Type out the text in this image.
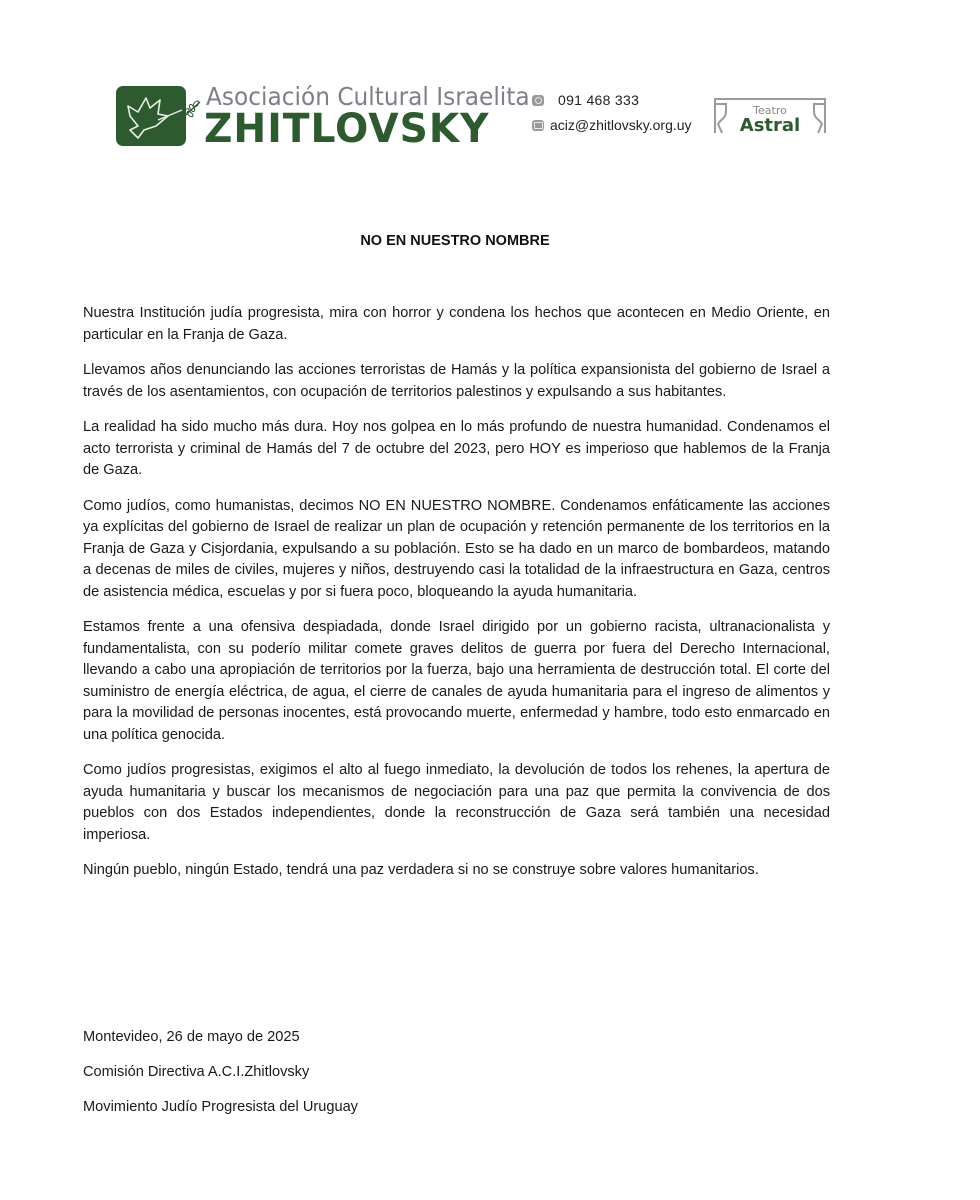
Asociación Cultural Israelita
ZHITLOVSKY
091 468 333
aciz@zhitlovsky.org.uy
Teatro
Astral
NO EN NUESTRO NOMBRE

Nuestra Institución judía progresista, mira con horror y condena los hechos que acontecen en Medio Oriente, en particular en la Franja de Gaza.

Llevamos años denunciando las acciones terroristas de Hamás y la política expansionista del gobierno de Israel a través de los asentamientos, con ocupación de territorios palestinos y expulsando a sus habitantes.

La realidad ha sido mucho más dura. Hoy nos golpea en lo más profundo de nuestra humanidad. Condenamos el acto terrorista y criminal de Hamás del 7 de octubre del 2023, pero HOY es imperioso que hablemos de la Franja de Gaza.

Como judíos, como humanistas, decimos NO EN NUESTRO NOMBRE. Condenamos enfáticamente las acciones ya explícitas del gobierno de Israel de realizar un plan de ocupación y retención permanente de los territorios en la Franja de Gaza y Cisjordania, expulsando a su población. Esto se ha dado en un marco de bombardeos, matando a decenas de miles de civiles, mujeres y niños, destruyendo casi la totalidad de la infraestructura en Gaza, centros de asistencia médica, escuelas y por si fuera poco, bloqueando la ayuda humanitaria.

Estamos frente a una ofensiva despiadada, donde Israel dirigido por un gobierno racista, ultranacionalista y fundamentalista, con su poderío militar comete graves delitos de guerra por fuera del Derecho Internacional, llevando a cabo una apropiación de territorios por la fuerza, bajo una herramienta de destrucción total. El corte del suministro de energía eléctrica, de agua, el cierre de canales de ayuda humanitaria para el ingreso de alimentos y para la movilidad de personas inocentes, está provocando muerte, enfermedad y hambre, todo esto enmarcado en una política genocida.

Como judíos progresistas, exigimos el alto al fuego inmediato, la devolución de todos los rehenes, la apertura de ayuda humanitaria y buscar los mecanismos de negociación para una paz que permita la convivencia de dos pueblos con dos Estados independientes, donde la reconstrucción de Gaza será también una necesidad imperiosa.

Ningún pueblo, ningún Estado, tendrá una paz verdadera si no se construye sobre valores humanitarios.

Montevideo, 26 de mayo de 2025
Comisión Directiva A.C.I.Zhitlovsky
Movimiento Judío Progresista del Uruguay
